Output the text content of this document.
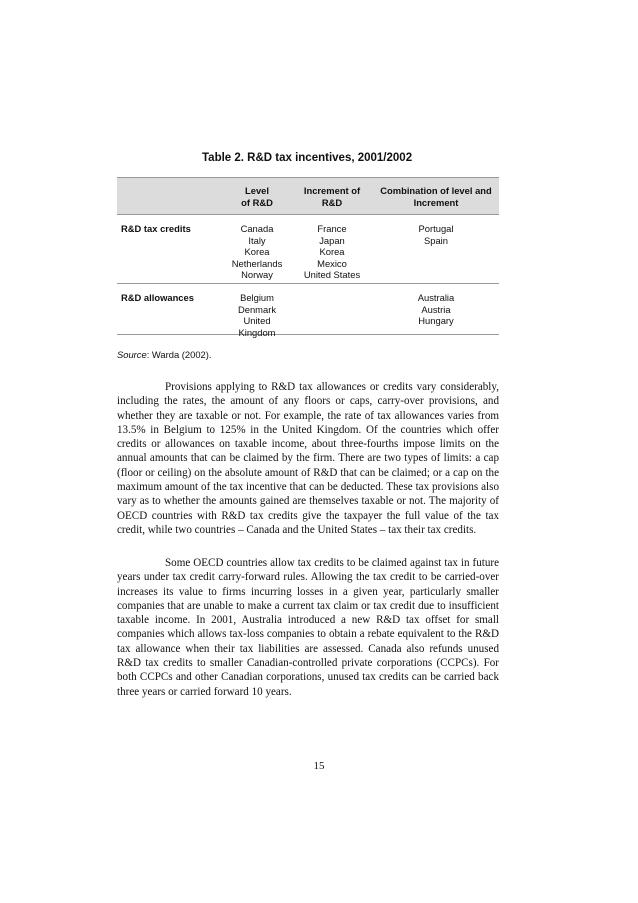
Table 2. R&D tax incentives, 2001/2002
Level
of R&D
Increment of
R&D
Combination of level and
Increment
R&D tax credits	Canada
Italy
Korea
Netherlands
Norway
France
Japan
Korea
Mexico
United States
Portugal
Spain
R&D allowances	Belgium
Denmark
United
Kingdom
Australia
Austria
Hungary
Source: Warda (2002).

Provisions applying to R&D tax allowances or credits vary considerably, including the rates, the amount of any floors or caps, carry-over provisions, and whether they are taxable or not. For example, the rate of tax allowances varies from 13.5% in Belgium to 125% in the United Kingdom. Of the countries which offer credits or allowances on taxable income, about three-fourths impose limits on the annual amounts that can be claimed by the firm. There are two types of limits: a cap (floor or ceiling) on the absolute amount of R&D that can be claimed; or a cap on the maximum amount of the tax incentive that can be deducted. These tax provisions also vary as to whether the amounts gained are themselves taxable or not. The majority of OECD countries with R&D tax credits give the taxpayer the full value of the tax credit, while two countries – Canada and the United States – tax their tax credits.

Some OECD countries allow tax credits to be claimed against tax in future years under tax credit carry-forward rules. Allowing the tax credit to be carried-over increases its value to firms incurring losses in a given year, particularly smaller companies that are unable to make a current tax claim or tax credit due to insufficient taxable income. In 2001, Australia introduced a new R&D tax offset for small companies which allows tax-loss companies to obtain a rebate equivalent to the R&D tax allowance when their tax liabilities are assessed. Canada also refunds unused R&D tax credits to smaller Canadian-controlled private corporations (CCPCs). For both CCPCs and other Canadian corporations, unused tax credits can be carried back three years or carried forward 10 years.

15
